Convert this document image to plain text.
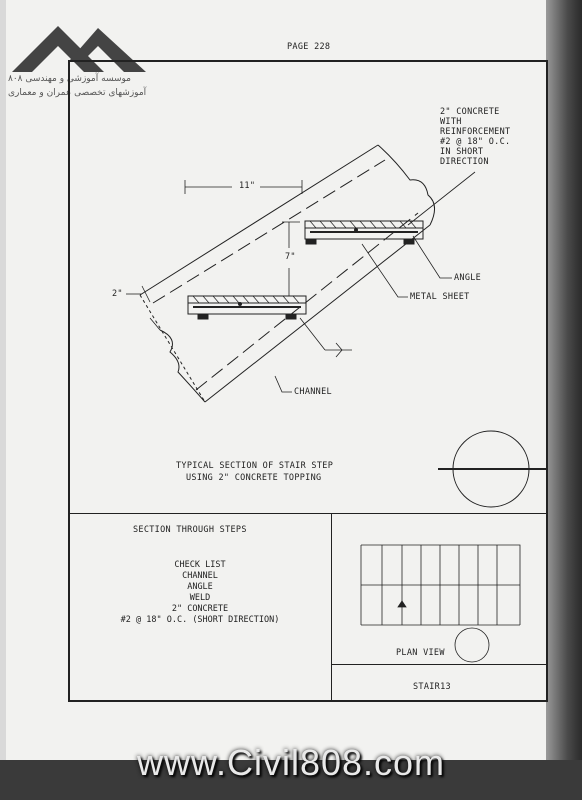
موسسه آموزشی و مهندسی ۸۰۸
آموزشهای تخصصی عمران و معماری
PAGE 228
2" CONCRETE
WITH
REINFORCEMENT
#2 @ 18" O.C.
IN SHORT
DIRECTION
11"
7"
2"
ANGLE
METAL SHEET
CHANNEL
TYPICAL SECTION OF STAIR STEP
USING 2" CONCRETE TOPPING
SECTION THROUGH STEPS
CHECK LIST
CHANNEL
ANGLE
WELD
2" CONCRETE
#2 @ 18" O.C. (SHORT DIRECTION)
PLAN VIEW
STAIR13
www.Civil808.com
